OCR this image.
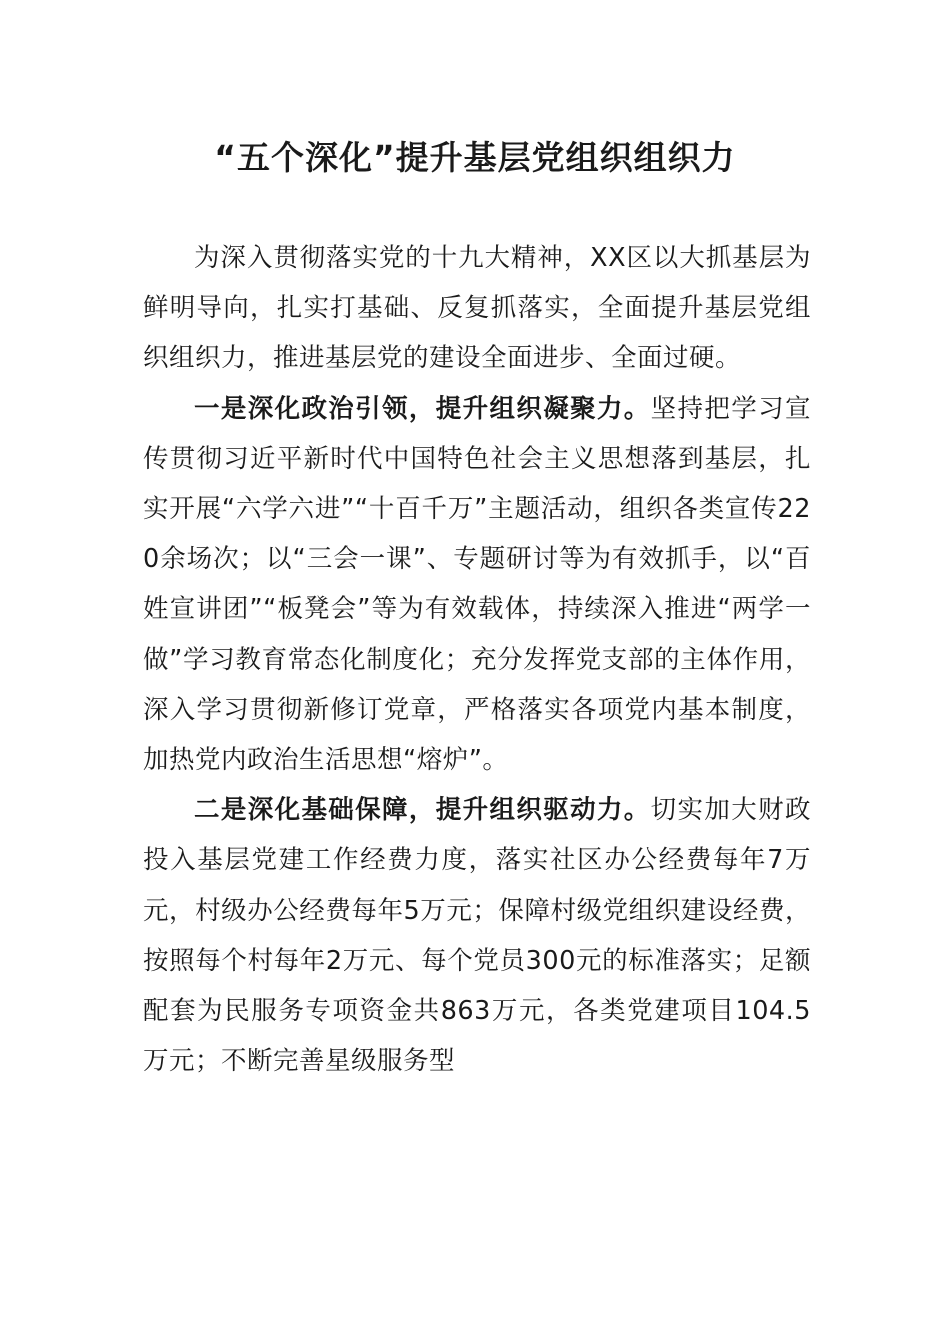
“五个深化”提升基层党组织组织力

为深入贯彻落实党的十九大精神，XX区以大抓基层为鲜明导向，扎实打基础、反复抓落实，全面提升基层党组织组织力，推进基层党的建设全面进步、全面过硬。

一是深化政治引领，提升组织凝聚力。坚持把学习宣传贯彻习近平新时代中国特色社会主义思想落到基层，扎实开展“六学六进”“十百千万”主题活动，组织各类宣传220余场次；以“三会一课”、专题研讨等为有效抓手，以“百姓宣讲团”“板凳会”等为有效载体，持续深入推进“两学一做”学习教育常态化制度化；充分发挥党支部的主体作用，深入学习贯彻新修订党章，严格落实各项党内基本制度，加热党内政治生活思想“熔炉”。

二是深化基础保障，提升组织驱动力。切实加大财政投入基层党建工作经费力度，落实社区办公经费每年7万元，村级办公经费每年5万元；保障村级党组织建设经费，按照每个村每年2万元、每个党员300元的标准落实；足额配套为民服务专项资金共863万元，各类党建项目104.5万元；不断完善星级服务型
